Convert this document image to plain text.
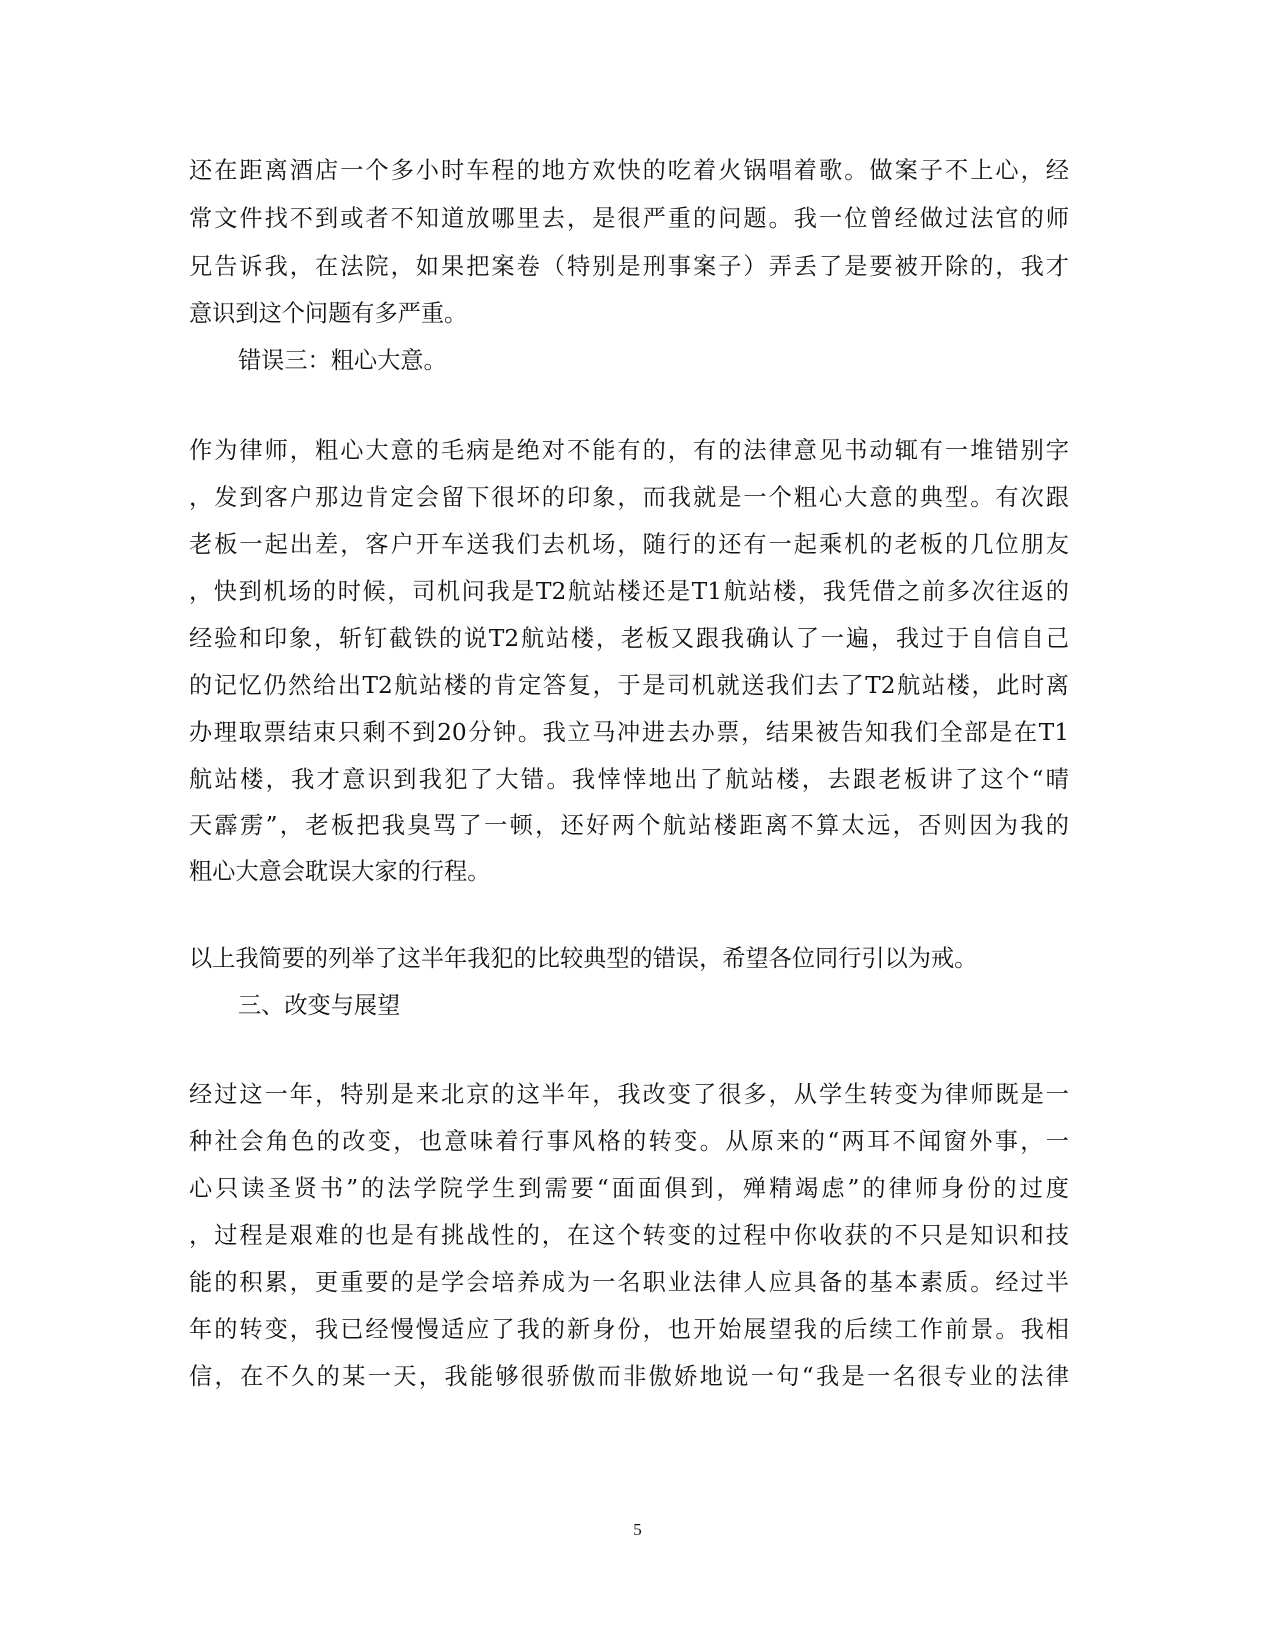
还在距离酒店一个多小时车程的地方欢快的吃着火锅唱着歌。做案子不上心，经
常文件找不到或者不知道放哪里去，是很严重的问题。我一位曾经做过法官的师
兄告诉我，在法院，如果把案卷（特别是刑事案子）弄丢了是要被开除的，我才
意识到这个问题有多严重。
错误三：粗心大意。
作为律师，粗心大意的毛病是绝对不能有的，有的法律意见书动辄有一堆错别字
，发到客户那边肯定会留下很坏的印象，而我就是一个粗心大意的典型。有次跟
老板一起出差，客户开车送我们去机场，随行的还有一起乘机的老板的几位朋友
，快到机场的时候，司机问我是T2航站楼还是T1航站楼，我凭借之前多次往返的
经验和印象，斩钉截铁的说T2航站楼，老板又跟我确认了一遍，我过于自信自己
的记忆仍然给出T2航站楼的肯定答复，于是司机就送我们去了T2航站楼，此时离
办理取票结束只剩不到20分钟。我立马冲进去办票，结果被告知我们全部是在T1
航站楼，我才意识到我犯了大错。我悻悻地出了航站楼，去跟老板讲了这个“晴
天霹雳”，老板把我臭骂了一顿，还好两个航站楼距离不算太远，否则因为我的
粗心大意会耽误大家的行程。
以上我简要的列举了这半年我犯的比较典型的错误，希望各位同行引以为戒。
三、改变与展望
经过这一年，特别是来北京的这半年，我改变了很多，从学生转变为律师既是一
种社会角色的改变，也意味着行事风格的转变。从原来的“两耳不闻窗外事，一
心只读圣贤书”的法学院学生到需要“面面俱到，殚精竭虑”的律师身份的过度
，过程是艰难的也是有挑战性的，在这个转变的过程中你收获的不只是知识和技
能的积累，更重要的是学会培养成为一名职业法律人应具备的基本素质。经过半
年的转变，我已经慢慢适应了我的新身份，也开始展望我的后续工作前景。我相
信，在不久的某一天，我能够很骄傲而非傲娇地说一句“我是一名很专业的法律
5
